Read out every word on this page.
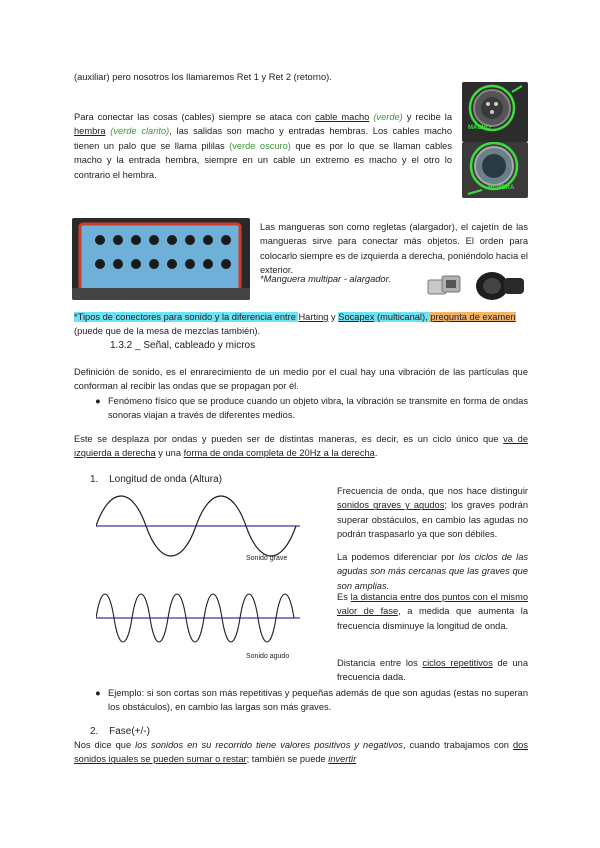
(auxiliar) pero nosotros los llamaremos Ret 1 y Ret 2 (retorno).
Para conectar las cosas (cables) siempre se ataca con cable macho (verde) y recibe la hembra (verde clarito), las salidas son macho y entradas hembras. Los cables macho tienen un palo que se llama pililas (verde oscuro) que es por lo que se llaman cables macho y la entrada hembra, siempre en un cable un extremo es macho y el otro lo contrario el hembra.
MACHO
HEMBRA
Las mangueras son como regletas (alargador), el cajetín de las mangueras sirve para conectar más objetos. El orden para colocarlo siempre es de izquierda a derecha, poniéndolo hacia el exterior.
*Manguera multipar - alargador.
*Tipos de conectores para sonido y la diferencia entre Harting y Socapex (multicanal), pregunta de examen (puede que de la mesa de mezclas también).
1.3.2 _ Señal, cableado y micros
Definición de sonido, es el enrarecimiento de un medio por el cual hay una vibración de las partículas que conforman al recibir las ondas que se propagan por él.
● Fenómeno físico que se produce cuando un objeto vibra, la vibración se transmite en forma de ondas sonoras viajan a través de diferentes medios.
Este se desplaza por ondas y pueden ser de distintas maneras, es decir, es un ciclo único que va de izquierda a derecha y una forma de onda completa de 20Hz a la derecha.
1. Longitud de onda (Altura)
Sonido grave
Sonido agudo
Frecuencia de onda, que nos hace distinguir sonidos graves y agudos; los graves podrán superar obstáculos, en cambio las agudas no podrán traspasarlo ya que son débiles.
La podemos diferenciar por los ciclos de las agudas son más cercanas que las graves que son amplias.
Es la distancia entre dos puntos con el mismo valor de fase, a medida que aumenta la frecuencia disminuye la longitud de onda.
Distancia entre los ciclos repetitivos de una frecuencia dada.
● Ejemplo: si son cortas son más repetitivas y pequeñas además de que son agudas (estas no superan los obstáculos), en cambio las largas son más graves.
2. Fase(+/-)
Nos dice que los sonidos en su recorrido tiene valores positivos y negativos, cuando trabajamos con dos sonidos iguales se pueden sumar o restar; también se puede invertir
